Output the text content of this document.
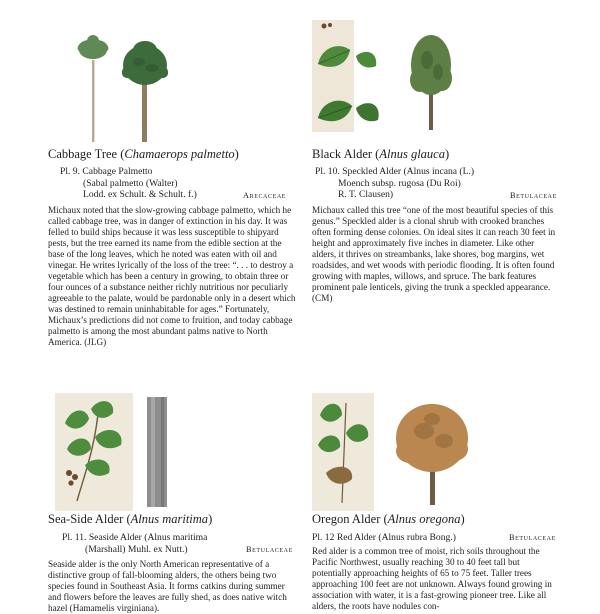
Cabbage Tree (Chamaerops palmetto)
Pl. 9. Cabbage Palmetto
(Sabal palmetto (Walter)
Lodd. ex Schult. & Schult. f.)	Arecaceae
Michaux noted that the slow-growing cabbage palmetto, which he called cabbage tree, was in danger of extinction in his day. It was felled to build ships because it was less susceptible to shipyard pests, but the tree earned its name from the edible section at the base of the long leaves, which he noted was eaten with oil and vinegar. He writes lyrically of the loss of the tree: “. . . to destroy a vegetable which has been a century in growing, to obtain three or four ounces of a substance neither richly nutritious nor peculiarly agreeable to the palate, would be pardonable only in a desert which was destined to remain uninhabitable for ages.” Fortunately, Michaux’s predictions did not come to fruition, and today cabbage palmetto is among the most abundant palms native to North America. (JLG)
Black Alder (Alnus glauca)
Pl. 10. Speckled Alder (Alnus incana (L.)
Moench subsp. rugosa (Du Roi)
R. T. Clausen)	Betulaceae
Michaux called this tree “one of the most beautiful species of this genus.” Speckled alder is a clonal shrub with crooked branches often forming dense colonies. On ideal sites it can reach 30 feet in height and approximately five inches in diameter. Like other alders, it thrives on streambanks, lake shores, bog margins, wet roadsides, and wet woods with periodic flooding. It is often found growing with maples, willows, and spruce. The bark features prominent pale lenticels, giving the trunk a speckled appearance. (CM)
Sea-Side Alder (Alnus maritima)
Pl. 11. Seaside Alder (Alnus maritima
(Marshall) Muhl. ex Nutt.)	Betulaceae
Seaside alder is the only North American representative of a distinctive group of fall-blooming alders, the others being two species found in Southeast Asia. It forms catkins during summer and flowers before the leaves are fully shed, as does native witch hazel (Hamamelis virginiana).
Oregon Alder (Alnus oregona)
Pl. 12 Red Alder (Alnus rubra Bong.)	Betulaceae
Red alder is a common tree of moist, rich soils throughout the Pacific Northwest, usually reaching 30 to 40 feet tall but potentially approaching heights of 65 to 75 feet. Taller trees approaching 100 feet are not unknown. Always found growing in association with water, it is a fast-growing pioneer tree. Like all alders, the roots have nodules con-
